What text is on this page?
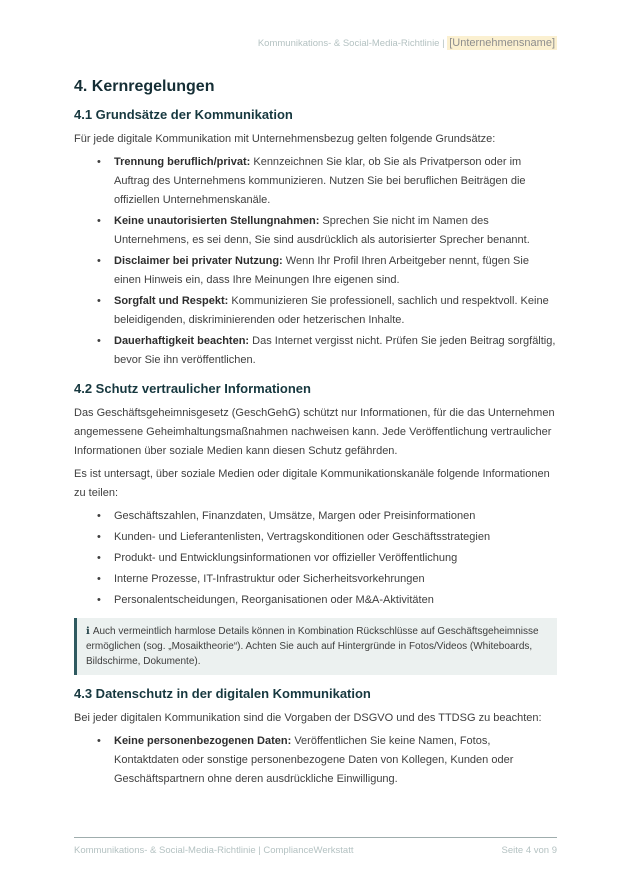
Kommunikations- & Social-Media-Richtlinie | [Unternehmensname]
4. Kernregelungen
4.1 Grundsätze der Kommunikation

Für jede digitale Kommunikation mit Unternehmensbezug gelten folgende Grundsätze:

• Trennung beruflich/privat: Kennzeichnen Sie klar, ob Sie als Privatperson oder im Auftrag des Unternehmens kommunizieren. Nutzen Sie bei beruflichen Beiträgen die offiziellen Unternehmenskanäle.
• Keine unautorisierten Stellungnahmen: Sprechen Sie nicht im Namen des Unternehmens, es sei denn, Sie sind ausdrücklich als autorisierter Sprecher benannt.
• Disclaimer bei privater Nutzung: Wenn Ihr Profil Ihren Arbeitgeber nennt, fügen Sie einen Hinweis ein, dass Ihre Meinungen Ihre eigenen sind.
• Sorgfalt und Respekt: Kommunizieren Sie professionell, sachlich und respektvoll. Keine beleidigenden, diskriminierenden oder hetzerischen Inhalte.
• Dauerhaftigkeit beachten: Das Internet vergisst nicht. Prüfen Sie jeden Beitrag sorgfältig, bevor Sie ihn veröffentlichen.
4.2 Schutz vertraulicher Informationen

Das Geschäftsgeheimnisgesetz (GeschGehG) schützt nur Informationen, für die das Unternehmen angemessene Geheimhaltungsmaßnahmen nachweisen kann. Jede Veröffentlichung vertraulicher Informationen über soziale Medien kann diesen Schutz gefährden.

Es ist untersagt, über soziale Medien oder digitale Kommunikationskanäle folgende Informationen zu teilen:

• Geschäftszahlen, Finanzdaten, Umsätze, Margen oder Preisinformationen
• Kunden- und Lieferantenlisten, Vertragskonditionen oder Geschäftsstrategien
• Produkt- und Entwicklungsinformationen vor offizieller Veröffentlichung
• Interne Prozesse, IT-Infrastruktur oder Sicherheitsvorkehrungen
• Personalentscheidungen, Reorganisationen oder M&A-Aktivitäten
ℹ Auch vermeintlich harmlose Details können in Kombination Rückschlüsse auf Geschäftsgeheimnisse ermöglichen (sog. „Mosaiktheorie“). Achten Sie auch auf Hintergründe in Fotos/Videos (Whiteboards, Bildschirme, Dokumente).
4.3 Datenschutz in der digitalen Kommunikation

Bei jeder digitalen Kommunikation sind die Vorgaben der DSGVO und des TTDSG zu beachten:

• Keine personenbezogenen Daten: Veröffentlichen Sie keine Namen, Fotos, Kontaktdaten oder sonstige personenbezogene Daten von Kollegen, Kunden oder Geschäftspartnern ohne deren ausdrückliche Einwilligung.
Kommunikations- & Social-Media-Richtlinie | ComplianceWerkstatt	Seite 4 von 9
